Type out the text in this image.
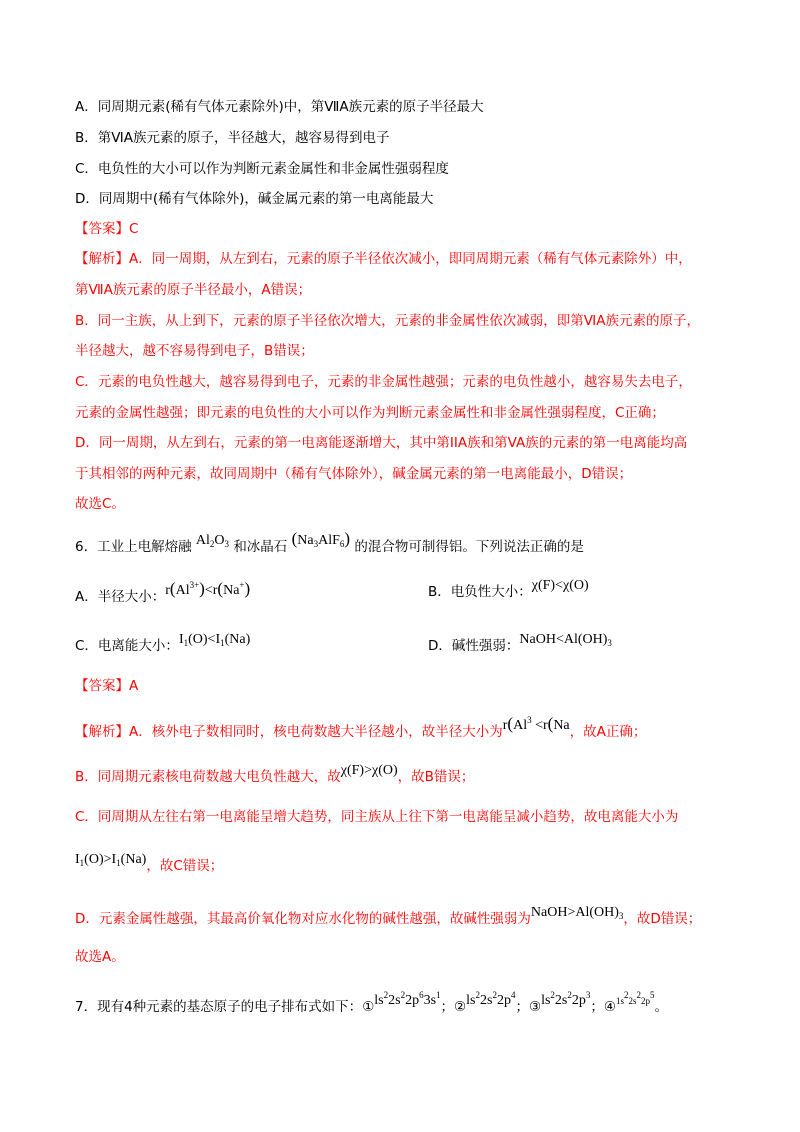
A．同周期元素(稀有气体元素除外)中，第ⅦA族元素的原子半径最大
B．第ⅥA族元素的原子，半径越大，越容易得到电子
C．电负性的大小可以作为判断元素金属性和非金属性强弱程度
D．同周期中(稀有气体除外)，碱金属元素的第一电离能最大
【答案】C
【解析】A．同一周期，从左到右，元素的原子半径依次减小，即同周期元素（稀有气体元素除外）中，
第ⅦA族元素的原子半径最小，A错误；
B．同一主族，从上到下，元素的原子半径依次增大，元素的非金属性依次减弱，即第ⅥA族元素的原子，
半径越大，越不容易得到电子，B错误；
C．元素的电负性越大，越容易得到电子，元素的非金属性越强；元素的电负性越小，越容易失去电子，
元素的金属性越强；即元素的电负性的大小可以作为判断元素金属性和非金属性强弱程度，C正确；
D．同一周期，从左到右，元素的第一电离能逐渐增大，其中第IIA族和第VA族的元素的第一电离能均高
于其相邻的两种元素，故同周期中（稀有气体除外），碱金属元素的第一电离能最小，D错误；
故选C。
6．工业上电解熔融 $Al_2O_3$ 和冰晶石 $(Na_3AlF_6)$ 的混合物可制得铝。下列说法正确的是
A．半径大小：$r(Al^{3+})<r(Na^+)$	B．电负性大小：χ(F)<χ(O)
C．电离能大小：$I_1(O)<I_1(Na)$	D．碱性强弱：$NaOH<Al(OH)_3$
【答案】A
【解析】A．核外电子数相同时，核电荷数越大半径越小，故半径大小为$r(Al^3 <r(Na$，故A正确；
B．同周期元素核电荷数越大电负性越大，故χ(F)>χ(O)，故B错误；
C．同周期从左往右第一电离能呈增大趋势，同主族从上往下第一电离能呈减小趋势，故电离能大小为
$I_1(O)>I_1(Na)$，故C错误；
D．元素金属性越强，其最高价氧化物对应水化物的碱性越强，故碱性强弱为$NaOH>Al(OH)_3$，故D错误；
故选A。
7．现有4种元素的基态原子的电子排布式如下：$①ls^22s^22p^63s^1$；$②ls^22s^22p^4$；$③ls^22s^22p^3$；④$^{1s^22s^22p^5}$。
